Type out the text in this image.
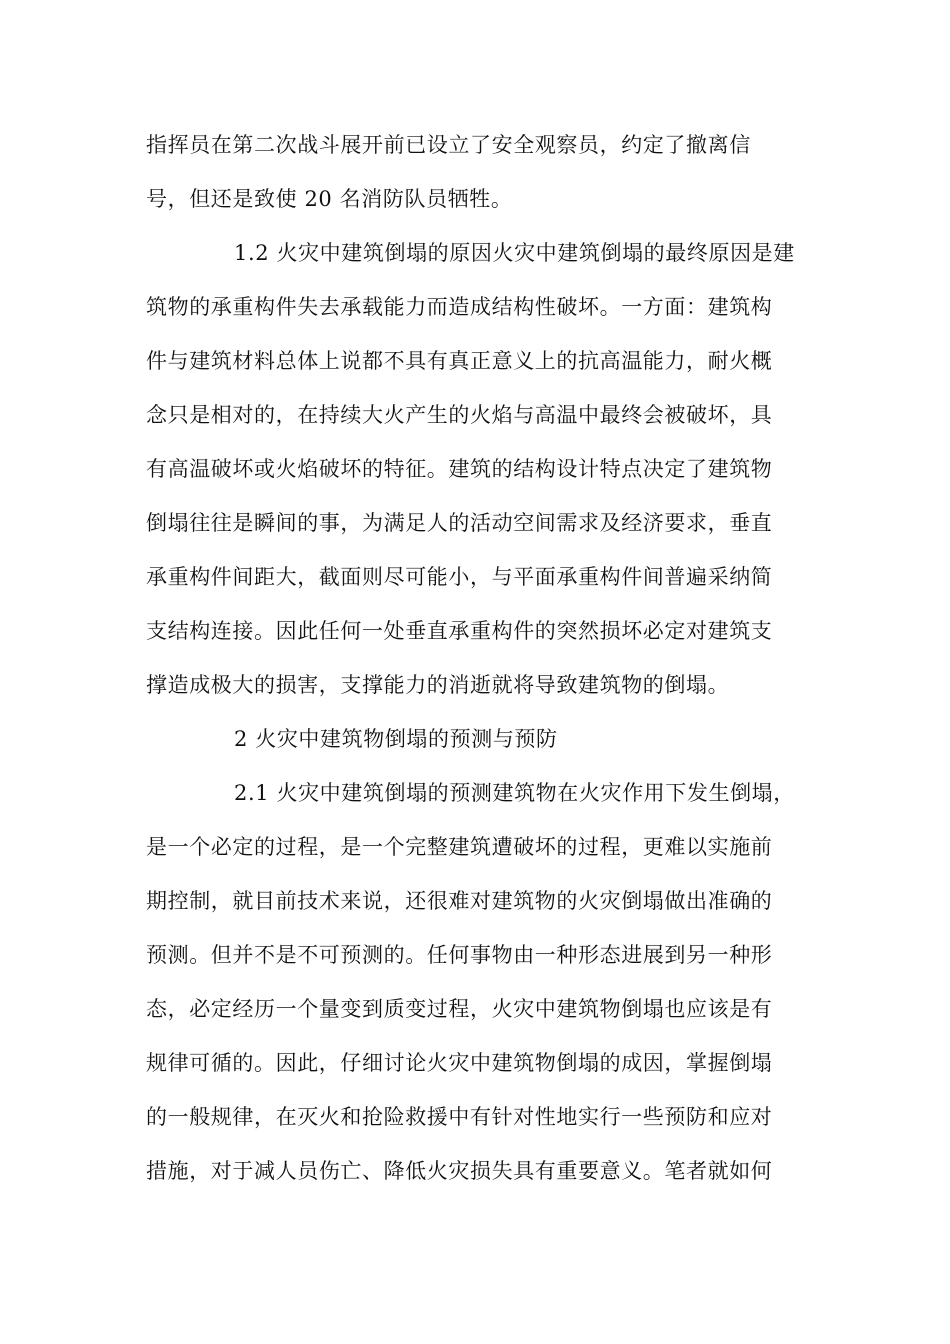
指挥员在第二次战斗展开前已设立了安全观察员，约定了撤离信
号，但还是致使 20 名消防队员牺牲。
1.2 火灾中建筑倒塌的原因火灾中建筑倒塌的最终原因是建
筑物的承重构件失去承载能力而造成结构性破坏。一方面：建筑构
件与建筑材料总体上说都不具有真正意义上的抗高温能力，耐火概
念只是相对的，在持续大火产生的火焰与高温中最终会被破坏，具
有高温破坏或火焰破坏的特征。建筑的结构设计特点决定了建筑物
倒塌往往是瞬间的事，为满足人的活动空间需求及经济要求，垂直
承重构件间距大，截面则尽可能小，与平面承重构件间普遍采纳简
支结构连接。因此任何一处垂直承重构件的突然损坏必定对建筑支
撑造成极大的损害，支撑能力的消逝就将导致建筑物的倒塌。
2 火灾中建筑物倒塌的预测与预防
2.1 火灾中建筑倒塌的预测建筑物在火灾作用下发生倒塌，
是一个必定的过程，是一个完整建筑遭破坏的过程，更难以实施前
期控制，就目前技术来说，还很难对建筑物的火灾倒塌做出准确的
预测。但并不是不可预测的。任何事物由一种形态进展到另一种形
态，必定经历一个量变到质变过程，火灾中建筑物倒塌也应该是有
规律可循的。因此，仔细讨论火灾中建筑物倒塌的成因，掌握倒塌
的一般规律，在灭火和抢险救援中有针对性地实行一些预防和应对
措施，对于减人员伤亡、降低火灾损失具有重要意义。笔者就如何
